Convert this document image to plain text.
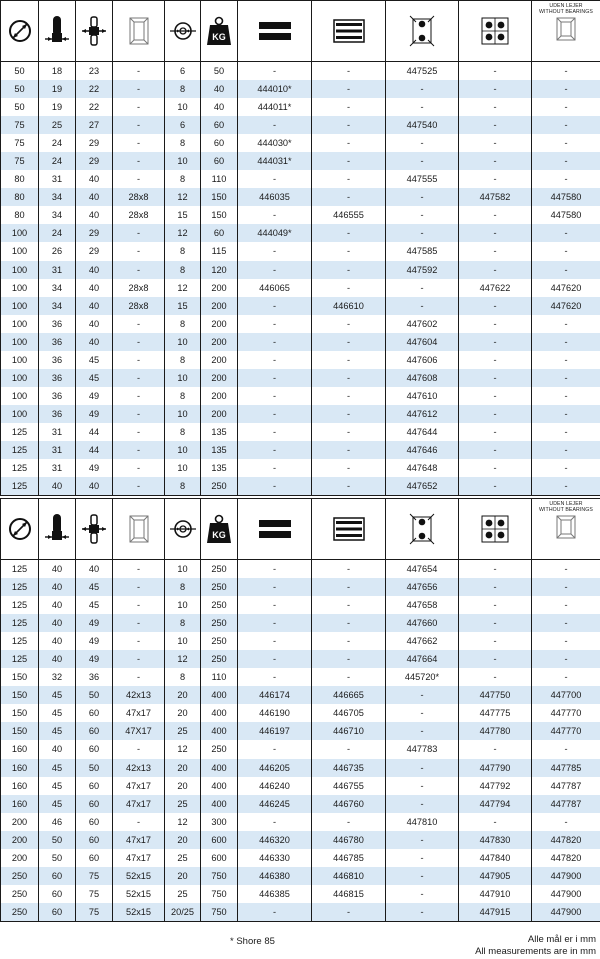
KG					UDEN LEJER
WITHOUT BEARINGS

50	18	23	-	6	50	-	-	447525	-	-
50	19	22	-	8	40	444010*	-	-	-	-
50	19	22	-	10	40	444011*	-	-	-	-
75	25	27	-	6	60	-	-	447540	-	-
75	24	29	-	8	60	444030*	-	-	-	-
75	24	29	-	10	60	444031*	-	-	-	-
80	31	40	-	8	110	-	-	447555	-	-
80	34	40	28x8	12	150	446035	-	-	447582	447580
80	34	40	28x8	15	150	-	446555	-	-	447580
100	24	29	-	12	60	444049*	-	-	-	-
100	26	29	-	8	115	-	-	447585	-	-
100	31	40	-	8	120	-	-	447592	-	-
100	34	40	28x8	12	200	446065	-	-	447622	447620
100	34	40	28x8	15	200	-	446610	-	-	447620
100	36	40	-	8	200	-	-	447602	-	-
100	36	40	-	10	200	-	-	447604	-	-
100	36	45	-	8	200	-	-	447606	-	-
100	36	45	-	10	200	-	-	447608	-	-
100	36	49	-	8	200	-	-	447610	-	-
100	36	49	-	10	200	-	-	447612	-	-
125	31	44	-	8	135	-	-	447644	-	-
125	31	44	-	10	135	-	-	447646	-	-
125	31	49	-	10	135	-	-	447648	-	-
125	40	40	-	8	250	-	-	447652	-	-

KG					UDEN LEJER
WITHOUT BEARINGS

125	40	40	-	10	250	-	-	447654	-	-
125	40	45	-	8	250	-	-	447656	-	-
125	40	45	-	10	250	-	-	447658	-	-
125	40	49	-	8	250	-	-	447660	-	-
125	40	49	-	10	250	-	-	447662	-	-
125	40	49	-	12	250	-	-	447664	-	-
150	32	36	-	8	110	-	-	445720*	-	-
150	45	50	42x13	20	400	446174	446665	-	447750	447700
150	45	60	47x17	20	400	446190	446705	-	447775	447770
150	45	60	47X17	25	400	446197	446710	-	447780	447770
160	40	60	-	12	250	-	-	447783	-	-
160	45	50	42x13	20	400	446205	446735	-	447790	447785
160	45	60	47x17	20	400	446240	446755	-	447792	447787
160	45	60	47x17	25	400	446245	446760	-	447794	447787
200	46	60	-	12	300	-	-	447810	-	-
200	50	60	47x17	20	600	446320	446780	-	447830	447820
200	50	60	47x17	25	600	446330	446785	-	447840	447820
250	60	75	52x15	20	750	446380	446810	-	447905	447900
250	60	75	52x15	25	750	446385	446815	-	447910	447900
250	60	75	52x15	20/25	750	-	-	-	447915	447900
* Shore 85	Alle mål er i mm
All measurements are in mm
